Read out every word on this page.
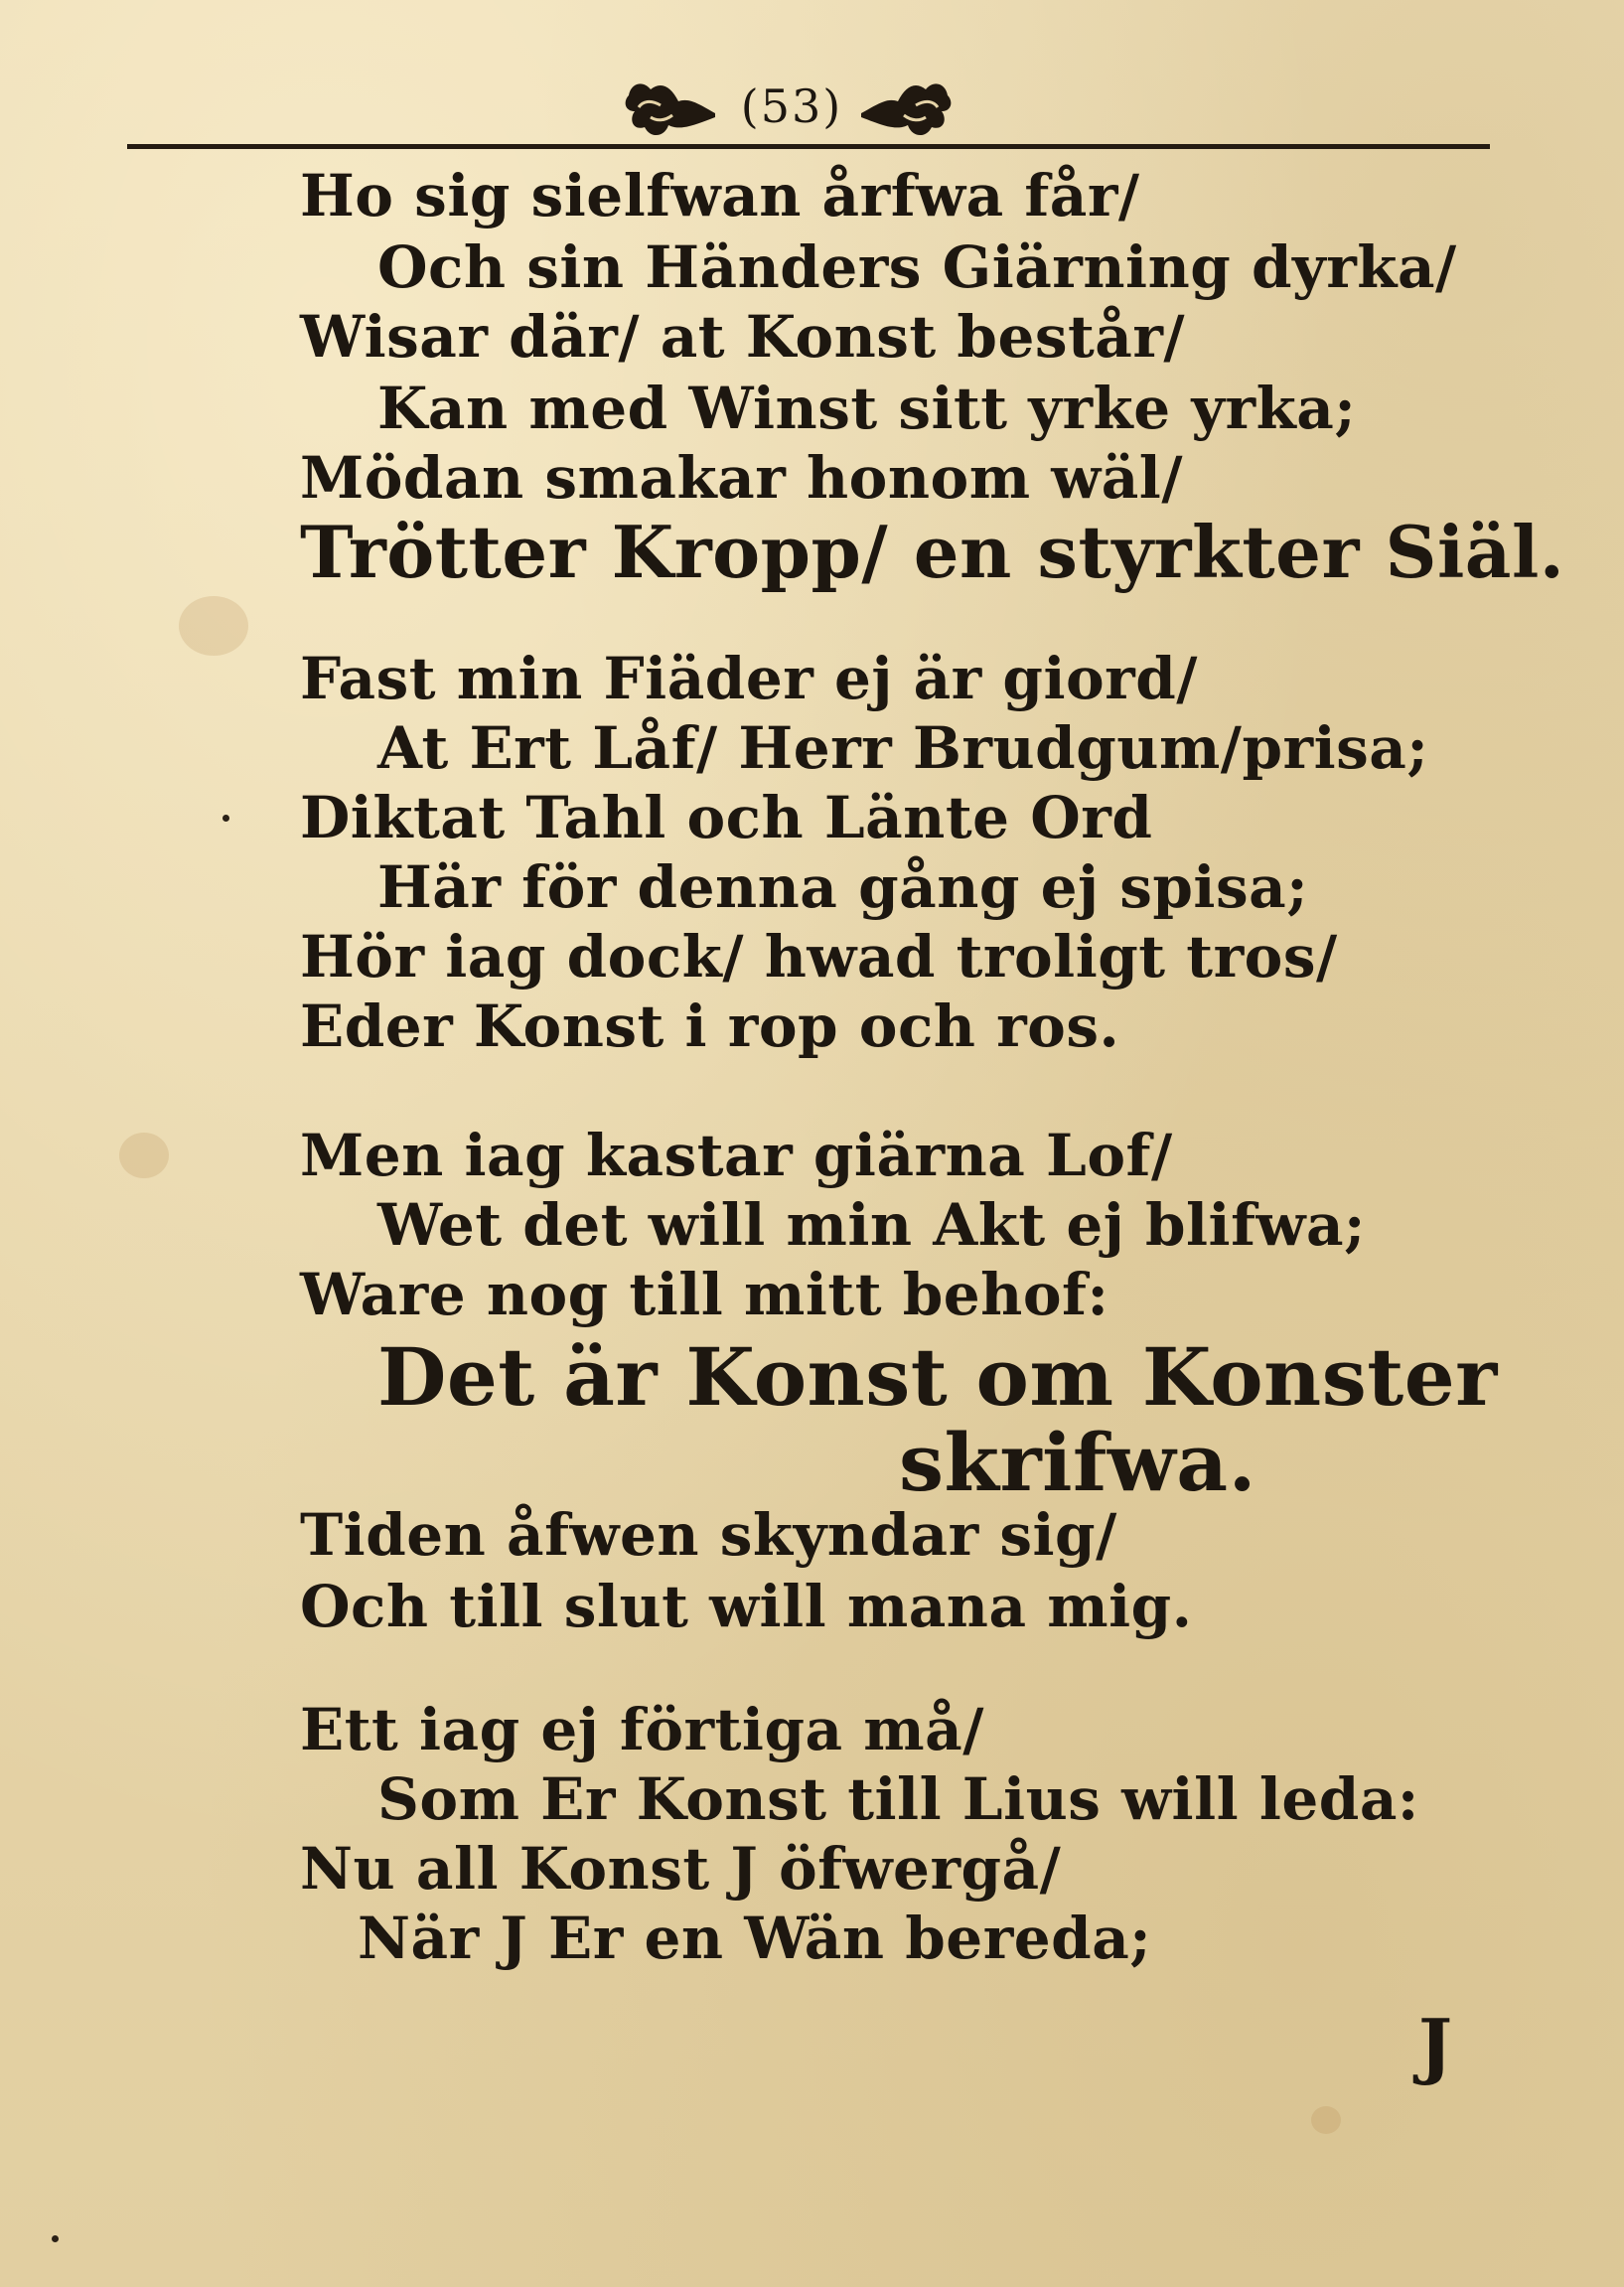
(53)
Ho sig sielfwan årfwa får/
Och sin Händers Giärning dyrka/
Wisar där/ at Konst består/
Kan med Winst sitt yrke yrka;
Mödan smakar honom wäl/
Trötter Kropp/ en styrkter Siäl.
Fast min Fiäder ej är giord/
At Ert Låf/ Herr Brudgum/prisa;
Diktat Tahl och Länte Ord
Här för denna gång ej spisa;
Hör iag dock/ hwad troligt tros/
Eder Konst i rop och ros.
Men iag kastar giärna Lof/
Wet det will min Akt ej blifwa;
Ware nog till mitt behof:
Det är Konst om Konster
skrifwa.
Tiden åfwen skyndar sig/
Och till slut will mana mig.
Ett iag ej förtiga må/
Som Er Konst till Lius will leda:
Nu all Konst J öfwergå/
När J Er en Wän bereda;
J
